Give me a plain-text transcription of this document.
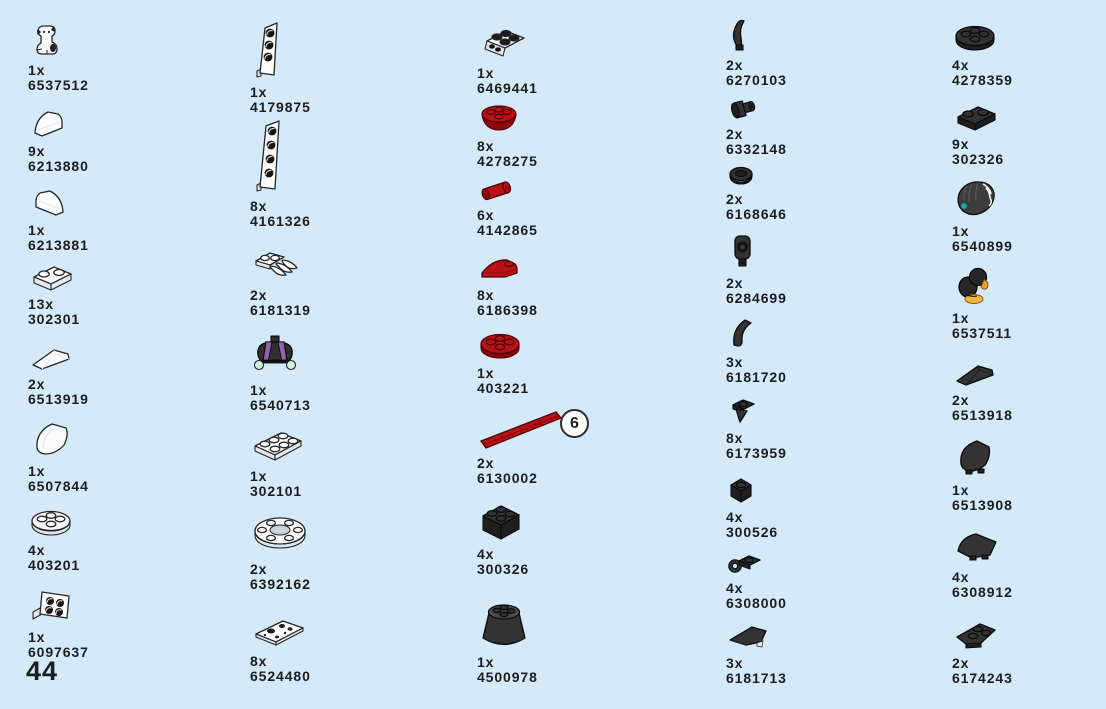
1x
6537512
9x
6213880
1x
6213881
13x
302301
2x
6513919
1x
6507844
4x
403201
1x
6097637
1x
4179875
8x
4161326
2x
6181319
1x
6540713
1x
302101
2x
6392162
8x
6524480
1x
6469441
8x
4278275
6x
4142865
8x
6186398
1x
403221
2x
6130002
4x
300326
1x
4500978
2x
6270103
2x
6332148
2x
6168646
2x
6284699
3x
6181720
8x
6173959
4x
300526
4x
6308000
3x
6181713
4x
4278359
9x
302326
1x
6540899
1x
6537511
2x
6513918
1x
6513908
4x
6308912
2x
6174243
6
44
